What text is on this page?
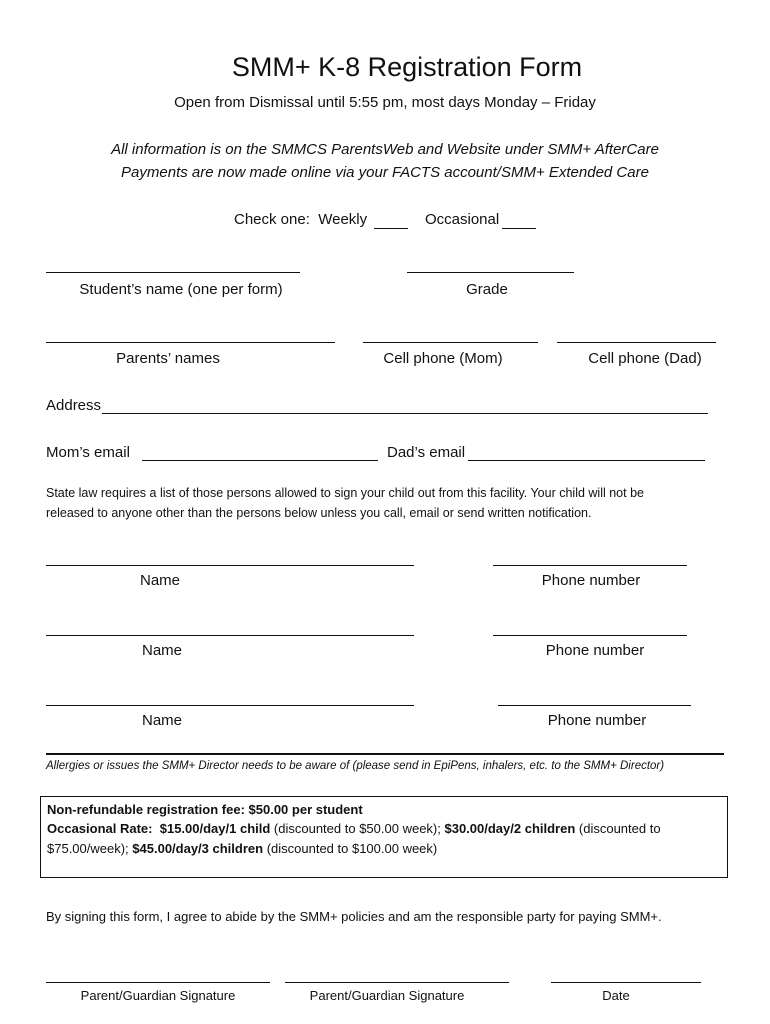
SMM+ K-8 Registration Form
Open from Dismissal until 5:55 pm, most days Monday – Friday
All information is on the SMMCS ParentsWeb and Website under SMM+ AfterCare
Payments are now made online via your FACTS account/SMM+ Extended Care
Check one: Weekly	Occasional
Student’s name (one per form)	Grade
Parents’ names	Cell phone (Mom)	Cell phone (Dad)
Address
Mom’s email	Dad’s email
State law requires a list of those persons allowed to sign your child out from this facility. Your child will not be
released to anyone other than the persons below unless you call, email or send written notification.
Name	Phone number
Name	Phone number
Name	Phone number
Allergies or issues the SMM+ Director needs to be aware of (please send in EpiPens, inhalers, etc. to the SMM+ Director)
Non-refundable registration fee: $50.00 per student
Occasional Rate: $15.00/day/1 child (discounted to $50.00 week); $30.00/day/2 children (discounted to
$75.00/week); $45.00/day/3 children (discounted to $100.00 week)
By signing this form, I agree to abide by the SMM+ policies and am the responsible party for paying SMM+.
Parent/Guardian Signature	Parent/Guardian Signature	Date
